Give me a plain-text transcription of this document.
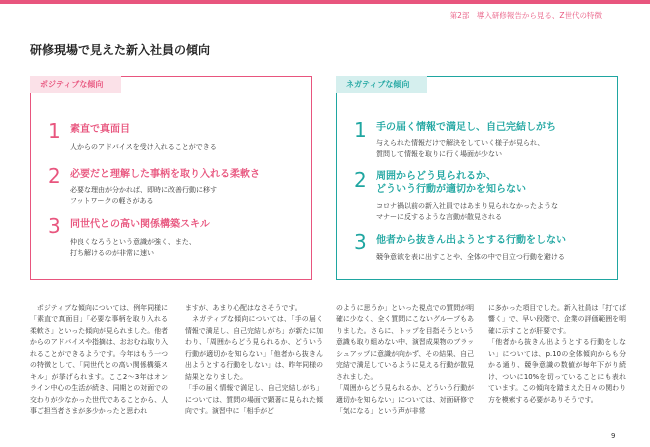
第2部　導入研修報告から見る、Z世代の特徴
研修現場で見えた新入社員の傾向
ポジティブな傾向
1 素直で真面目
人からのアドバイスを受け入れることができる
2 必要だと理解した事柄を取り入れる柔軟さ
必要な理由が分かれば、即時に改善行動に移す
フットワークの軽さがある
3 同世代との高い関係構築スキル
仲良くなろうという意識が強く、また、
打ち解けるのが非常に速い
ネガティブな傾向
1 手の届く情報で満足し、自己完結しがち
与えられた情報だけで解決をしていく様子が見られ、
質問して情報を取りに行く場面が少ない
2 周囲からどう見られるか、
どういう行動が適切かを知らない
コロナ禍以前の新入社員ではあまり見られなかったような
マナーに反するような言動が散見される
3 他者から抜きん出ようとする行動をしない
競争意欲を表に出すことや、全体の中で目立つ行動を避ける

　ポジティブな傾向については、例年同様に「素直で真面目」「必要な事柄を取り入れる柔軟さ」といった傾向が見られました。他者からのアドバイスや指摘は、おおむね取り入れることができるようです。今年はもう一つの特徴として、「同世代との高い関係構築スキル」が挙げられます。ここ2〜3年はオンライン中心の生活が続き、同期との対面での交わりが少なかった世代であることから、人事ご担当者さまが多少かったと思われ

ますが、あまり心配はなさそうです。
　ネガティブな傾向については、「手の届く情報で満足し、自己完結しがち」が新たに加わり、「周囲からどう見られるか、どういう行動が適切かを知らない」「他者から抜きん出ようとする行動をしない」は、昨年同様の結果となりました。
「手の届く情報で満足し、自己完結しがち」については、質問の場面で顕著に見られた傾向です。演習中に「相手がど

のように思うか」といった視点での質問が明確に少なく、全く質問にこないグループもありました。さらに、トップを目指そうという意識も取り組めない中、演習成果物のブラッシュアップに意識が向かず、その結果、自己完結で満足しているように見える行動が散見されました。
「周囲からどう見られるか、どういう行動が適切かを知らない」については、対面研修で「気になる」という声が非常

に多かった項目でした。新入社員は「打てば響く」で、早い段階で、企業の評価範囲を明確に示すことが肝要です。
「他者から抜きん出ようとする行動をしない」については、p.10の全体傾向からも分かる通り、競争意識の数値が毎年下がり続け、ついに10%を切っていることにも表れています。この傾向を踏まえた日々の関わり方を模索する必要がありそうです。

9
